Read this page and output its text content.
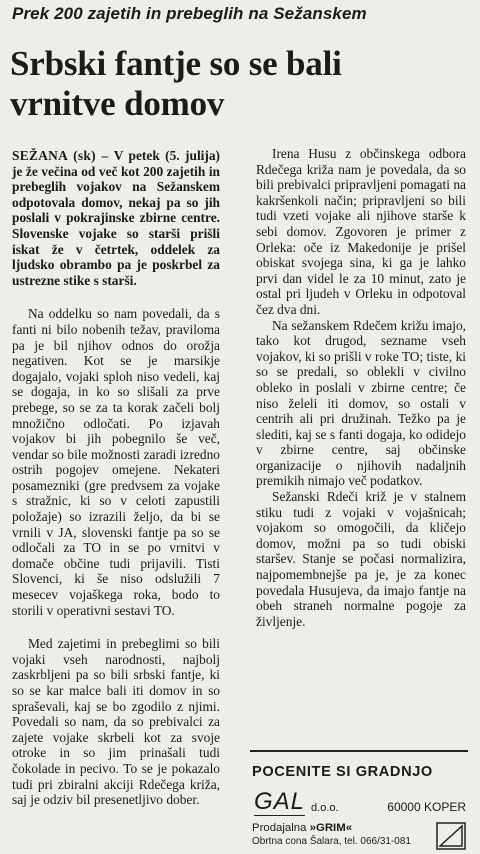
Prek 200 zajetih in prebeglih na Sežanskem
Srbski fantje so se bali
vrnitve domov

SEŽANA (sk) – V petek (5. julija) je že večina od več kot 200 zajetih in prebeglih vojakov na Sežanskem odpotovala domov, nekaj pa so jih poslali v pokrajinske zbirne centre. Slovenske vojake so starši prišli iskat že v četrtek, oddelek za ljudsko obrambo pa je poskrbel za ustrezne stike s starši.

Na oddelku so nam povedali, da s fanti ni bilo nobenih težav, praviloma pa je bil njihov odnos do orožja negativen. Kot se je marsikje dogajalo, vojaki sploh niso vedeli, kaj se dogaja, in ko so slišali za prve prebege, so se za ta korak začeli bolj množično odločati. Po izjavah vojakov bi jih pobegnilo še več, vendar so bile možnosti zaradi izredno ostrih pogojev omejene. Nekateri posamezniki (gre predvsem za vojake s stražnic, ki so v celoti zapustili položaje) so izrazili željo, da bi se vrnili v JA, slovenski fantje pa so se odločali za TO in se po vrnitvi v domače občine tudi prijavili. Tisti Slovenci, ki še niso odslužili 7 mesecev vojaškega roka, bodo to storili v operativni sestavi TO.

Med zajetimi in prebeglimi so bili vojaki vseh narodnosti, najbolj zaskrbljeni pa so bili srbski fantje, ki so se kar malce bali iti domov in so spraševali, kaj se bo zgodilo z njimi. Povedali so nam, da so prebivalci za zajete vojake skrbeli kot za svoje otroke in so jim prinašali tudi čokolade in pecivo. To se je pokazalo tudi pri zbiralni akciji Rdečega križa, saj je odziv bil presenetljivo dober.

Irena Husu z občinskega odbora Rdečega križa nam je povedala, da so bili prebivalci pripravljeni pomagati na kakršenkoli način; pripravljeni so bili tudi vzeti vojake ali njihove starše k sebi domov. Zgovoren je primer z Orleka: oče iz Makedonije je prišel obiskat svojega sina, ki ga je lahko prvi dan videl le za 10 minut, zato je ostal pri ljudeh v Orleku in odpotoval čez dva dni.

Na sežanskem Rdečem križu imajo, tako kot drugod, sezname vseh vojakov, ki so prišli v roke TO; tiste, ki so se predali, so oblekli v civilno obleko in poslali v zbirne centre; če niso želeli iti domov, so ostali v centrih ali pri družinah. Težko pa je slediti, kaj se s fanti dogaja, ko odidejo v zbirne centre, saj občinske organizacije o njihovih nadaljnih premikih nimajo več podatkov.

Sežanski Rdeči križ je v stalnem stiku tudi z vojaki v vojašnicah; vojakom so omogočili, da kličejo domov, možni pa so tudi obiski staršev. Stanje se počasi normalizira, najpomembnejše pa je, je za konec povedala Husujeva, da imajo fantje na obeh straneh normalne pogoje za življenje.

POCENITE SI GRADNJO
GAL d.o.o.	60000 KOPER
Prodajalna »GRIM«
Obrtna cona Šalara, tel. 066/31-081
